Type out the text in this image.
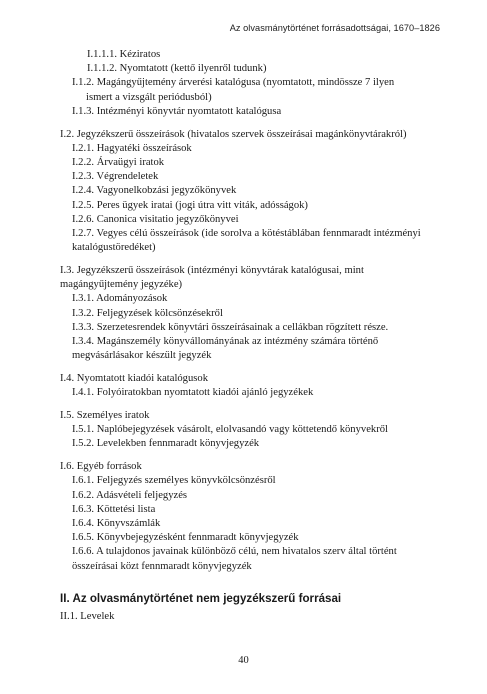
Az olvasmánytörténet forrásadottságai, 1670–1826

I.1.1.1. Kéziratos

I.1.1.2. Nyomtatott (kettő ilyenről tudunk)

I.1.2. Magángyűjtemény árverési katalógusa (nyomtatott, mindössze 7 ilyen

ismert a vizsgált periódusból)

I.1.3. Intézményi könyvtár nyomtatott katalógusa

I.2. Jegyzékszerű összeírások (hivatalos szervek összeírásai magánkönyvtárakról)

I.2.1. Hagyatéki összeírások

I.2.2. Árvaügyi iratok

I.2.3. Végrendeletek

I.2.4. Vagyonelkobzási jegyzőkönyvek

I.2.5. Peres ügyek iratai (jogi útra vitt viták, adósságok)

I.2.6. Canonica visitatio jegyzőkönyvei

I.2.7. Vegyes célú összeírások (ide sorolva a kötéstáblában fennmaradt intézményi

katalógustöredéket)

I.3. Jegyzékszerű összeírások (intézményi könyvtárak katalógusai, mint

magángyűjtemény jegyzéke)

I.3.1. Adományozások

I.3.2. Feljegyzések kölcsönzésekről

I.3.3. Szerzetesrendek könyvtári összeírásainak a cellákban rögzített része.

I.3.4. Magánszemély könyvállományának az intézmény számára történő

megvásárlásakor készült jegyzék

I.4. Nyomtatott kiadói katalógusok

I.4.1. Folyóiratokban nyomtatott kiadói ajánló jegyzékek

I.5. Személyes iratok

I.5.1. Naplóbejegyzések vásárolt, elolvasandó vagy köttetendő könyvekről

I.5.2. Levelekben fennmaradt könyvjegyzék

I.6. Egyéb források

I.6.1. Feljegyzés személyes könyvkölcsönzésről

I.6.2. Adásvételi feljegyzés

I.6.3. Köttetési lista

I.6.4. Könyvszámlák

I.6.5. Könyvbejegyzésként fennmaradt könyvjegyzék

I.6.6. A tulajdonos javainak különböző célú, nem hivatalos szerv által történt

összeírásai közt fennmaradt könyvjegyzék

II. Az olvasmánytörténet nem jegyzékszerű forrásai

II.1. Levelek

40
